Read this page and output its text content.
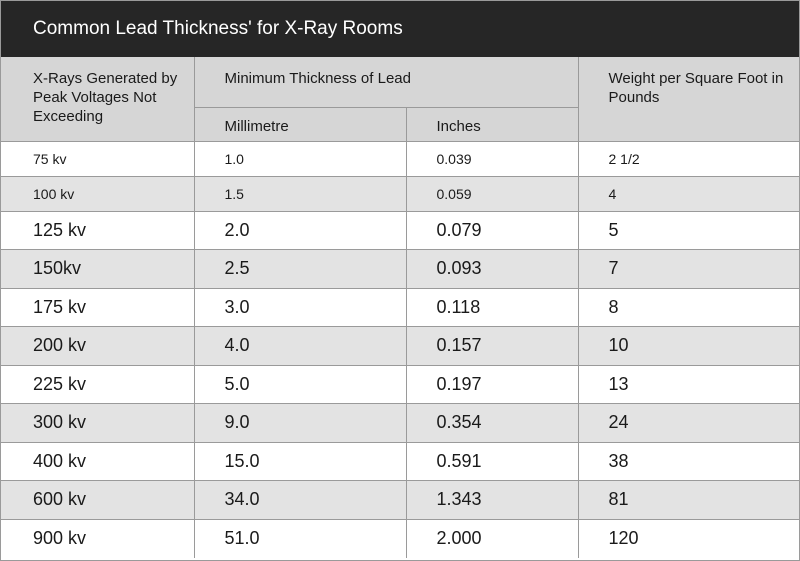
Common Lead Thickness' for X-Ray Rooms
X-Rays Generated by Peak Voltages Not Exceeding	Minimum Thickness of Lead		Weight per Square Foot in Pounds
	Millimetre	Inches	
75 kv	1.0	0.039	2 1/2
100 kv	1.5	0.059	4
125 kv	2.0	0.079	5
150kv	2.5	0.093	7
175 kv	3.0	0.118	8
200 kv	4.0	0.157	10
225 kv	5.0	0.197	13
300 kv	9.0	0.354	24
400 kv	15.0	0.591	38
600 kv	34.0	1.343	81
900 kv	51.0	2.000	120
